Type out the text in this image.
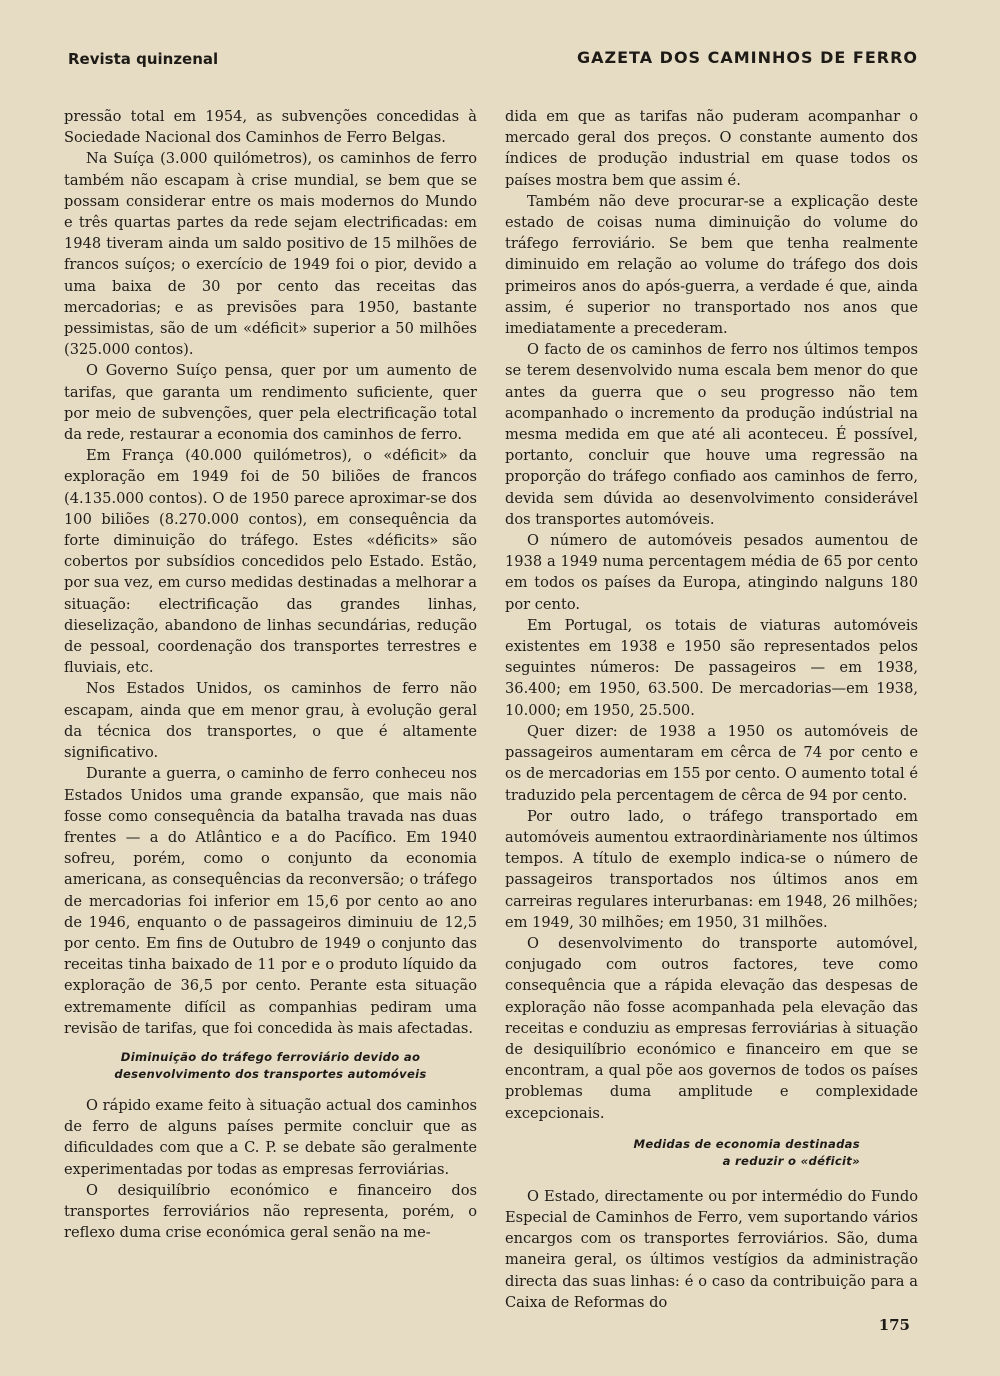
Revista quinzenal	GAZETA DOS CAMINHOS DE FERRO

pressão total em 1954, as subvenções concedidas à Sociedade Nacional dos Caminhos de Ferro Belgas.

Na Suíça (3.000 quilómetros), os caminhos de ferro também não escapam à crise mundial, se bem que se possam considerar entre os mais modernos do Mundo e três quartas partes da rede sejam electrificadas: em 1948 tiveram ainda um saldo positivo de 15 milhões de francos suíços; o exercício de 1949 foi o pior, devido a uma baixa de 30 por cento das receitas das mercadorias; e as previsões para 1950, bastante pessimistas, são de um «déficit» superior a 50 milhões (325.000 contos).

O Governo Suíço pensa, quer por um aumento de tarifas, que garanta um rendimento suficiente, quer por meio de subvenções, quer pela electrificação total da rede, restaurar a economia dos caminhos de ferro.

Em França (40.000 quilómetros), o «déficit» da exploração em 1949 foi de 50 biliões de francos (4.135.000 contos). O de 1950 parece aproximar-se dos 100 biliões (8.270.000 contos), em consequência da forte diminuição do tráfego. Estes «déficits» são cobertos por subsídios concedidos pelo Estado. Estão, por sua vez, em curso medidas destinadas a melhorar a situação: electrificação das grandes linhas, dieselização, abandono de linhas secundárias, redução de pessoal, coordenação dos transportes terrestres e fluviais, etc.

Nos Estados Unidos, os caminhos de ferro não escapam, ainda que em menor grau, à evolução geral da técnica dos transportes, o que é altamente significativo.

Durante a guerra, o caminho de ferro conheceu nos Estados Unidos uma grande expansão, que mais não fosse como consequência da batalha travada nas duas frentes — a do Atlântico e a do Pacífico. Em 1940 sofreu, porém, como o conjunto da economia americana, as consequências da reconversão; o tráfego de mercadorias foi inferior em 15,6 por cento ao ano de 1946, enquanto o de passageiros diminuiu de 12,5 por cento. Em fins de Outubro de 1949 o conjunto das receitas tinha baixado de 11 por e o produto líquido da exploração de 36,5 por cento. Perante esta situação extremamente difícil as companhias pediram uma revisão de tarifas, que foi concedida às mais afectadas.

Diminuição do tráfego ferroviário devido ao
desenvolvimento dos transportes automóveis

O rápido exame feito à situação actual dos caminhos de ferro de alguns países permite concluir que as dificuldades com que a C. P. se debate são geralmente experimentadas por todas as empresas ferroviárias.

O desiquilíbrio económico e financeiro dos transportes ferroviários não representa, porém, o reflexo duma crise económica geral senão na me-

dida em que as tarifas não puderam acompanhar o mercado geral dos preços. O constante aumento dos índices de produção industrial em quase todos os países mostra bem que assim é.

Também não deve procurar-se a explicação deste estado de coisas numa diminuição do volume do tráfego ferroviário. Se bem que tenha realmente diminuido em relação ao volume do tráfego dos dois primeiros anos do após-guerra, a verdade é que, ainda assim, é superior no transportado nos anos que imediatamente a precederam.

O facto de os caminhos de ferro nos últimos tempos se terem desenvolvido numa escala bem menor do que antes da guerra que o seu progresso não tem acompanhado o incremento da produção indústrial na mesma medida em que até ali aconteceu. É possível, portanto, concluir que houve uma regressão na proporção do tráfego confiado aos caminhos de ferro, devida sem dúvida ao desenvolvimento considerável dos transportes automóveis.

O número de automóveis pesados aumentou de 1938 a 1949 numa percentagem média de 65 por cento em todos os países da Europa, atingindo nalguns 180 por cento.

Em Portugal, os totais de viaturas automóveis existentes em 1938 e 1950 são representados pelos seguintes números: De passageiros — em 1938, 36.400; em 1950, 63.500. De mercadorias—em 1938, 10.000; em 1950, 25.500.

Quer dizer: de 1938 a 1950 os automóveis de passageiros aumentaram em cêrca de 74 por cento e os de mercadorias em 155 por cento. O aumento total é traduzido pela percentagem de cêrca de 94 por cento.

Por outro lado, o tráfego transportado em automóveis aumentou extraordinàriamente nos últimos tempos. A título de exemplo indica-se o número de passageiros transportados nos últimos anos em carreiras regulares interurbanas: em 1948, 26 milhões; em 1949, 30 milhões; em 1950, 31 milhões.

O desenvolvimento do transporte automóvel, conjugado com outros factores, teve como consequência que a rápida elevação das despesas de exploração não fosse acompanhada pela elevação das receitas e conduziu as empresas ferroviárias à situação de desiquilíbrio económico e financeiro em que se encontram, a qual põe aos governos de todos os países problemas duma amplitude e complexidade excepcionais.

Medidas de economia destinadas
a reduzir o «déficit»

O Estado, directamente ou por intermédio do Fundo Especial de Caminhos de Ferro, vem suportando vários encargos com os transportes ferroviários. São, duma maneira geral, os últimos vestígios da administração directa das suas linhas: é o caso da contribuição para a Caixa de Reformas do

175
